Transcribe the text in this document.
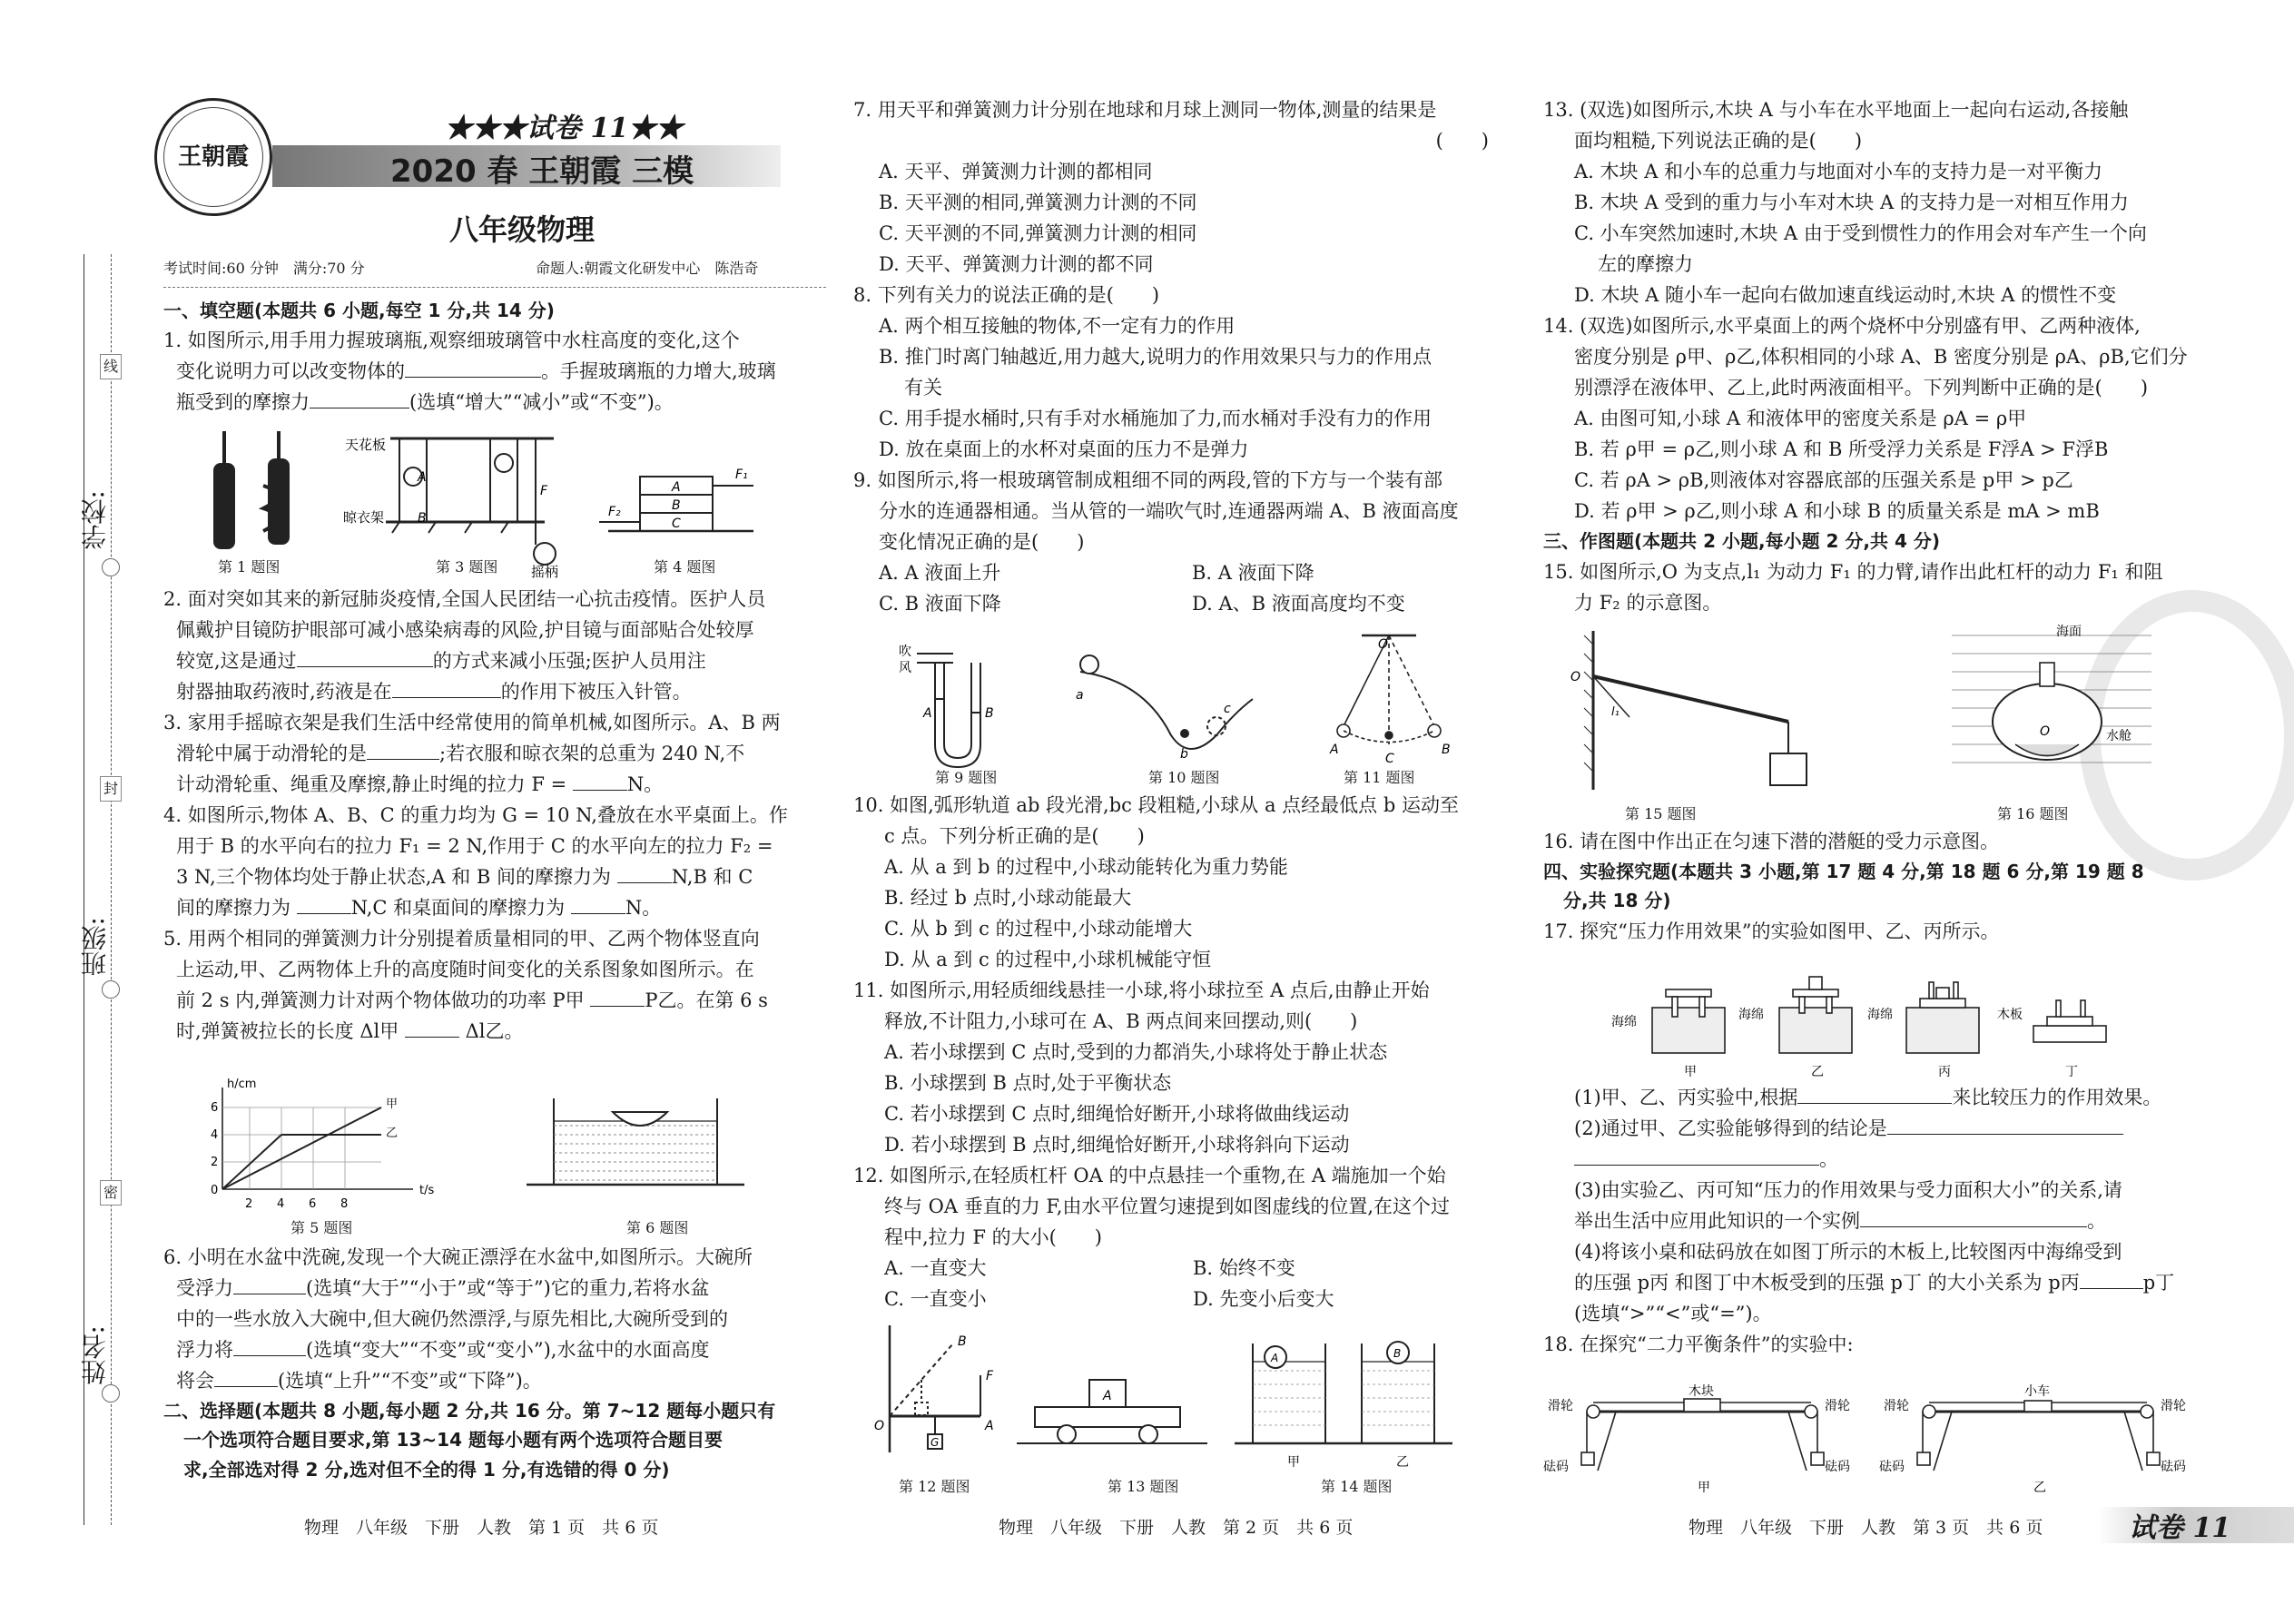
学校:
班级:
姓名:
线
封
密
王朝霞
★★★试卷 11★★
2020 春 王朝霞 三模
八年级物理
考试时间:60 分钟　满分:70 分	命题人:朝霞文化研发中心　陈浩奇
一、填空题(本题共 6 小题,每空 1 分,共 14 分)
1. 如图所示,用手用力握玻璃瓶,观察细玻璃管中水柱高度的变化,这个
变化说明力可以改变物体的	。手握玻璃瓶的力增大,玻璃
瓶受到的摩擦力	(选填“增大”“减小”或“不变”)。
天花板
晾衣架
摇柄
A
B
F	A
B
C
F₁
F₂
第 1 题图	第 3 题图	第 4 题图
2. 面对突如其来的新冠肺炎疫情,全国人民团结一心抗击疫情。医护人员
佩戴护目镜防护眼部可减小感染病毒的风险,护目镜与面部贴合处较厚
较宽,这是通过	的方式来减小压强;医护人员用注
射器抽取药液时,药液是在	的作用下被压入针管。
3. 家用手摇晾衣架是我们生活中经常使用的简单机械,如图所示。A、B 两
滑轮中属于动滑轮的是	;若衣服和晾衣架的总重为 240 N,不
计动滑轮重、绳重及摩擦,静止时绳的拉力 F =	N。
4. 如图所示,物体 A、B、C 的重力均为 G = 10 N,叠放在水平桌面上。作
用于 B 的水平向右的拉力 F₁ = 2 N,作用于 C 的水平向左的拉力 F₂ =
3 N,三个物体均处于静止状态,A 和 B 间的摩擦力为	N,B 和 C
间的摩擦力为	N,C 和桌面间的摩擦力为	N。
5. 用两个相同的弹簧测力计分别提着质量相同的甲、乙两个物体竖直向
上运动,甲、乙两物体上升的高度随时间变化的关系图象如图所示。在
前 2 s 内,弹簧测力计对两个物体做功的功率 P甲	P乙。在第 6 s
时,弹簧被拉长的长度 Δl甲	Δl乙。
h/cm
t/s
甲
乙
0
2
4
6
2 4 6 8
第 5 题图	第 6 题图
6. 小明在水盆中洗碗,发现一个大碗正漂浮在水盆中,如图所示。大碗所
受浮力	(选填“大于”“小于”或“等于”)它的重力,若将水盆
中的一些水放入大碗中,但大碗仍然漂浮,与原先相比,大碗所受到的
浮力将	(选填“变大”“不变”或“变小”),水盆中的水面高度
将会	(选填“上升”“不变”或“下降”)。
二、选择题(本题共 8 小题,每小题 2 分,共 16 分。第 7~12 题每小题只有
一个选项符合题目要求,第 13~14 题每小题有两个选项符合题目要
求,全部选对得 2 分,选对但不全的得 1 分,有选错的得 0 分)
物理　八年级　下册　人教　第 1 页　共 6 页
7. 用天平和弹簧测力计分别在地球和月球上测同一物体,测量的结果是
(　　)
A. 天平、弹簧测力计测的都相同
B. 天平测的相同,弹簧测力计测的不同
C. 天平测的不同,弹簧测力计测的相同
D. 天平、弹簧测力计测的都不同
8. 下列有关力的说法正确的是(　　)
A. 两个相互接触的物体,不一定有力的作用
B. 推门时离门轴越近,用力越大,说明力的作用效果只与力的作用点
有关
C. 用手提水桶时,只有手对水桶施加了力,而水桶对手没有力的作用
D. 放在桌面上的水杯对桌面的压力不是弹力
9. 如图所示,将一根玻璃管制成粗细不同的两段,管的下方与一个装有部
分水的连通器相通。当从管的一端吹气时,连通器两端 A、B 液面高度
变化情况正确的是(　　)
A. A 液面上升	B. A 液面下降
C. B 液面下降	D. A、B 液面高度均不变
吹
风
A	B
a
b
c
O
A
C
B
第 9 题图	第 10 题图	第 11 题图
10. 如图,弧形轨道 ab 段光滑,bc 段粗糙,小球从 a 点经最低点 b 运动至
c 点。下列分析正确的是(　　)
A. 从 a 到 b 的过程中,小球动能转化为重力势能
B. 经过 b 点时,小球动能最大
C. 从 b 到 c 的过程中,小球动能增大
D. 从 a 到 c 的过程中,小球机械能守恒
11. 如图所示,用轻质细线悬挂一小球,将小球拉至 A 点后,由静止开始
释放,不计阻力,小球可在 A、B 两点间来回摆动,则(　　)
A. 若小球摆到 C 点时,受到的力都消失,小球将处于静止状态
B. 小球摆到 B 点时,处于平衡状态
C. 若小球摆到 C 点时,细绳恰好断开,小球将做曲线运动
D. 若小球摆到 B 点时,细绳恰好断开,小球将斜向下运动
12. 如图所示,在轻质杠杆 OA 的中点悬挂一个重物,在 A 端施加一个始
终与 OA 垂直的力 F,由水平位置匀速提到如图虚线的位置,在这个过
程中,拉力 F 的大小(　　)
A. 一直变大	B. 始终不变
C. 一直变小	D. 先变小后变大
O	A
B
F
G
A
A	B
甲	乙
第 12 题图	第 13 题图	第 14 题图
物理　八年级　下册　人教　第 2 页　共 6 页
13. (双选)如图所示,木块 A 与小车在水平地面上一起向右运动,各接触
面均粗糙,下列说法正确的是(　　)
A. 木块 A 和小车的总重力与地面对小车的支持力是一对平衡力
B. 木块 A 受到的重力与小车对木块 A 的支持力是一对相互作用力
C. 小车突然加速时,木块 A 由于受到惯性力的作用会对车产生一个向
左的摩擦力
D. 木块 A 随小车一起向右做加速直线运动时,木块 A 的惯性不变
14. (双选)如图所示,水平桌面上的两个烧杯中分别盛有甲、乙两种液体,
密度分别是 ρ甲、ρ乙,体积相同的小球 A、B 密度分别是 ρA、ρB,它们分
别漂浮在液体甲、乙上,此时两液面相平。下列判断中正确的是(　　)
A. 由图可知,小球 A 和液体甲的密度关系是 ρA = ρ甲
B. 若 ρ甲 = ρ乙,则小球 A 和 B 所受浮力关系是 F浮A > F浮B
C. 若 ρA > ρB,则液体对容器底部的压强关系是 p甲 > p乙
D. 若 ρ甲 > ρ乙,则小球 A 和小球 B 的质量关系是 mA > mB
三、作图题(本题共 2 小题,每小题 2 分,共 4 分)
15. 如图所示,O 为支点,l₁ 为动力 F₁ 的力臂,请作出此杠杆的动力 F₁ 和阻
力 F₂ 的示意图。
O
l₁
O
海面
水舱
第 15 题图	第 16 题图
16. 请在图中作出正在匀速下潜的潜艇的受力示意图。
四、实验探究题(本题共 3 小题,第 17 题 4 分,第 18 题 6 分,第 19 题 8
分,共 18 分)
17. 探究“压力作用效果”的实验如图甲、乙、丙所示。
海绵	海绵	海绵	木板
甲	乙	丙	丁
(1)甲、乙、丙实验中,根据	来比较压力的作用效果。
(2)通过甲、乙实验能够得到的结论是
。
(3)由实验乙、丙可知“压力的作用效果与受力面积大小”的关系,请
举出生活中应用此知识的一个实例	。
(4)将该小桌和砝码放在如图丁所示的木板上,比较图丙中海绵受到
的压强 p丙 和图丁中木板受到的压强 p丁 的大小关系为 p丙	p丁
(选填“>”“<”或“=”)。
18. 在探究“二力平衡条件”的实验中:
滑轮
木块
滑轮
砝码	砝码
甲
滑轮
小车
滑轮
砝码	砝码
乙
物理　八年级　下册　人教　第 3 页　共 6 页	试卷 11
